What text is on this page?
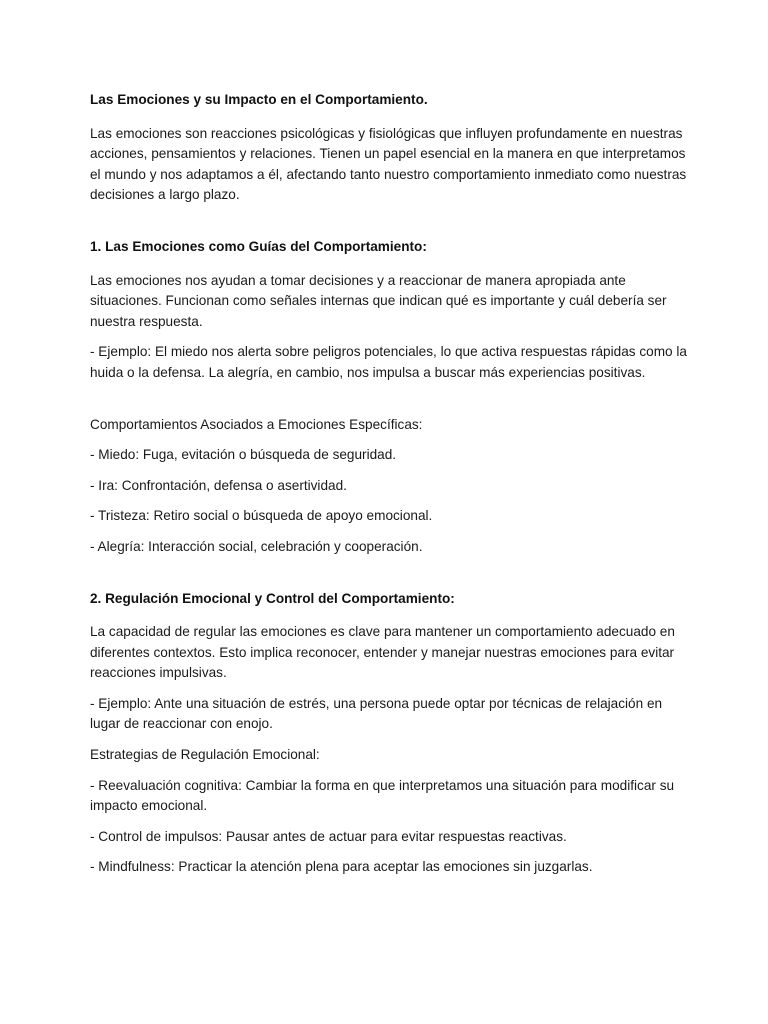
Las Emociones y su Impacto en el Comportamiento.

Las emociones son reacciones psicológicas y fisiológicas que influyen profundamente en nuestras acciones, pensamientos y relaciones. Tienen un papel esencial en la manera en que interpretamos el mundo y nos adaptamos a él, afectando tanto nuestro comportamiento inmediato como nuestras decisiones a largo plazo.

1. Las Emociones como Guías del Comportamiento:

Las emociones nos ayudan a tomar decisiones y a reaccionar de manera apropiada ante situaciones. Funcionan como señales internas que indican qué es importante y cuál debería ser nuestra respuesta.

- Ejemplo: El miedo nos alerta sobre peligros potenciales, lo que activa respuestas rápidas como la huida o la defensa. La alegría, en cambio, nos impulsa a buscar más experiencias positivas.

Comportamientos Asociados a Emociones Específicas:

- Miedo: Fuga, evitación o búsqueda de seguridad.

- Ira: Confrontación, defensa o asertividad.

- Tristeza: Retiro social o búsqueda de apoyo emocional.

- Alegría: Interacción social, celebración y cooperación.

2. Regulación Emocional y Control del Comportamiento:

La capacidad de regular las emociones es clave para mantener un comportamiento adecuado en diferentes contextos. Esto implica reconocer, entender y manejar nuestras emociones para evitar reacciones impulsivas.

- Ejemplo: Ante una situación de estrés, una persona puede optar por técnicas de relajación en lugar de reaccionar con enojo.

Estrategias de Regulación Emocional:

- Reevaluación cognitiva: Cambiar la forma en que interpretamos una situación para modificar su impacto emocional.

- Control de impulsos: Pausar antes de actuar para evitar respuestas reactivas.

- Mindfulness: Practicar la atención plena para aceptar las emociones sin juzgarlas.
